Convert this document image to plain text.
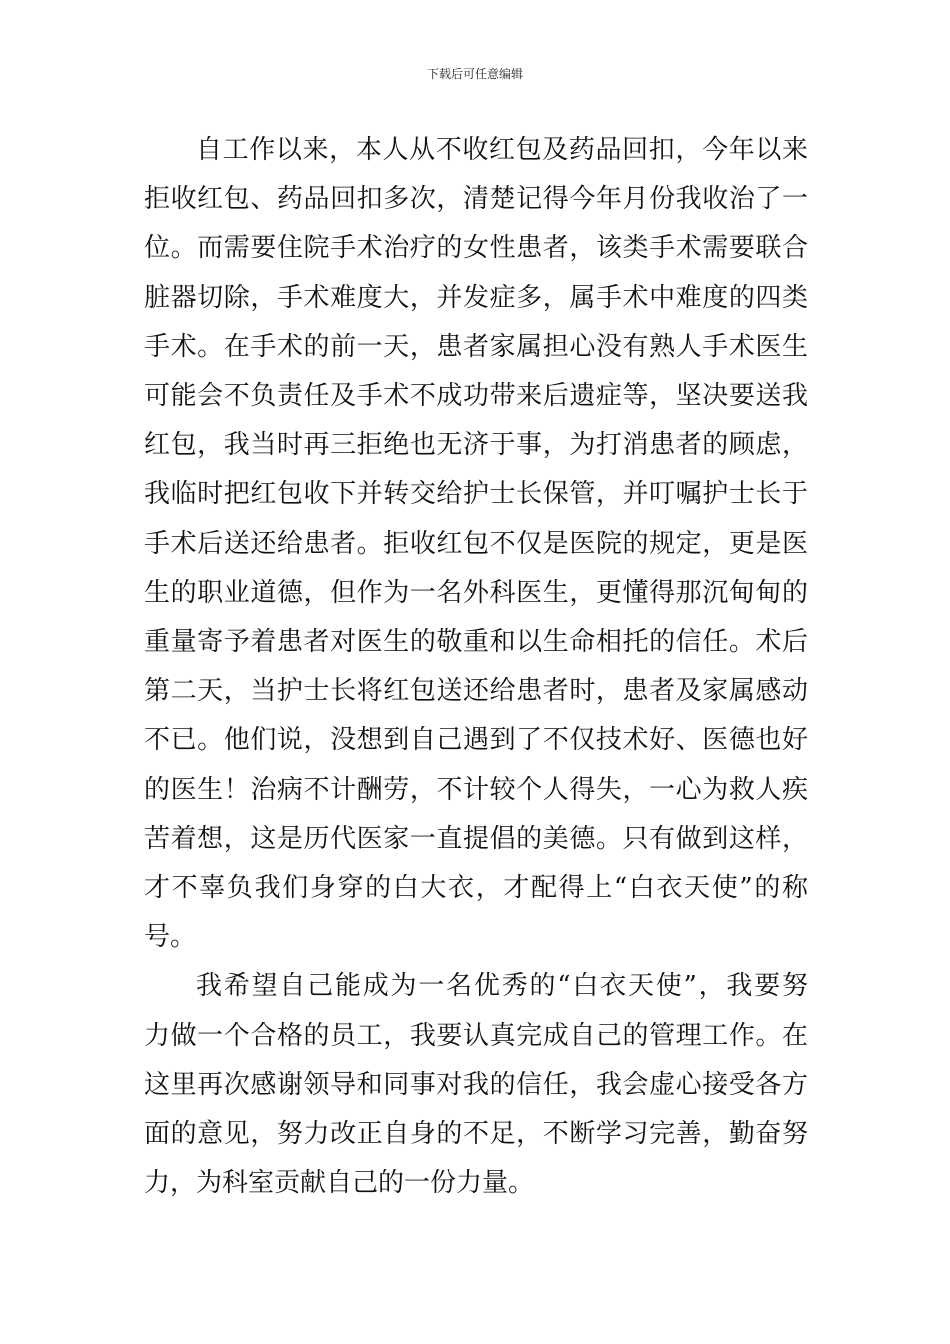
下载后可任意编辑
自工作以来，本人从不收红包及药品回扣，今年以来
拒收红包、药品回扣多次，清楚记得今年月份我收治了一
位。而需要住院手术治疗的女性患者，该类手术需要联合
脏器切除，手术难度大，并发症多，属手术中难度的四类
手术。在手术的前一天，患者家属担心没有熟人手术医生
可能会不负责任及手术不成功带来后遗症等，坚决要送我
红包，我当时再三拒绝也无济于事，为打消患者的顾虑，
我临时把红包收下并转交给护士长保管，并叮嘱护士长于
手术后送还给患者。拒收红包不仅是医院的规定，更是医
生的职业道德，但作为一名外科医生，更懂得那沉甸甸的
重量寄予着患者对医生的敬重和以生命相托的信任。术后
第二天，当护士长将红包送还给患者时，患者及家属感动
不已。他们说，没想到自己遇到了不仅技术好、医德也好
的医生！治病不计酬劳，不计较个人得失，一心为救人疾
苦着想，这是历代医家一直提倡的美德。只有做到这样，
才不辜负我们身穿的白大衣，才配得上“白衣天使”的称
号。
我希望自己能成为一名优秀的“白衣天使”，我要努
力做一个合格的员工，我要认真完成自己的管理工作。在
这里再次感谢领导和同事对我的信任，我会虚心接受各方
面的意见，努力改正自身的不足，不断学习完善，勤奋努
力，为科室贡献自己的一份力量。
